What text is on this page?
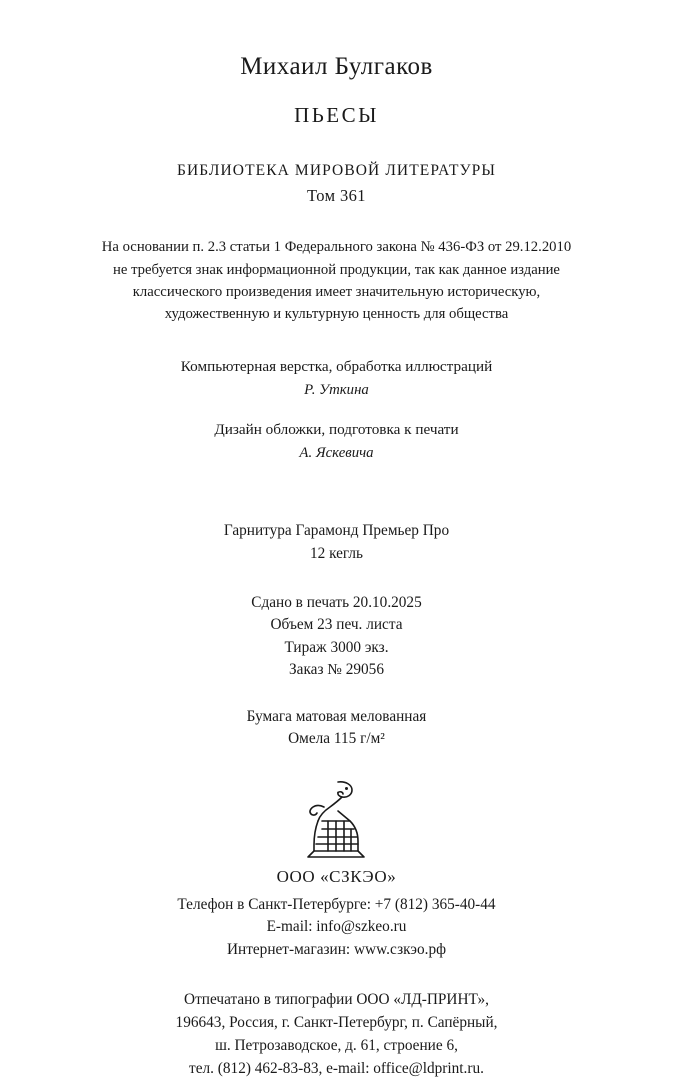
Михаил Булгаков
ПЬЕСЫ
БИБЛИОТЕКА МИРОВОЙ ЛИТЕРАТУРЫ
Том 361

На основании п. 2.3 статьи 1 Федерального закона № 436-ФЗ от 29.12.2010

не требуется знак информационной продукции, так как данное издание

классического произведения имеет значительную историческую,

художественную и культурную ценность для общества

Компьютерная верстка, обработка иллюстраций
Р. Уткина
Дизайн обложки, подготовка к печати
А. Яскевича
Гарнитура Гарамонд Премьер Про
12 кегль
Сдано в печать 20.10.2025
Объем 23 печ. листа
Тираж 3000 экз.
Заказ № 29056
Бумага матовая мелованная
Омела 115 г/м²
ООО «СЗКЭО»
Телефон в Санкт-Петербурге: +7 (812) 365-40-44
E-mail: info@szkeo.ru
Интернет-магазин: www.сзкэо.рф
Отпечатано в типографии ООО «ЛД-ПРИНТ»,
196643, Россия, г. Санкт-Петербург, п. Сапёрный,
ш. Петрозаводское, д. 61, строение 6,
тел. (812) 462-83-83, e-mail: office@ldprint.ru.
